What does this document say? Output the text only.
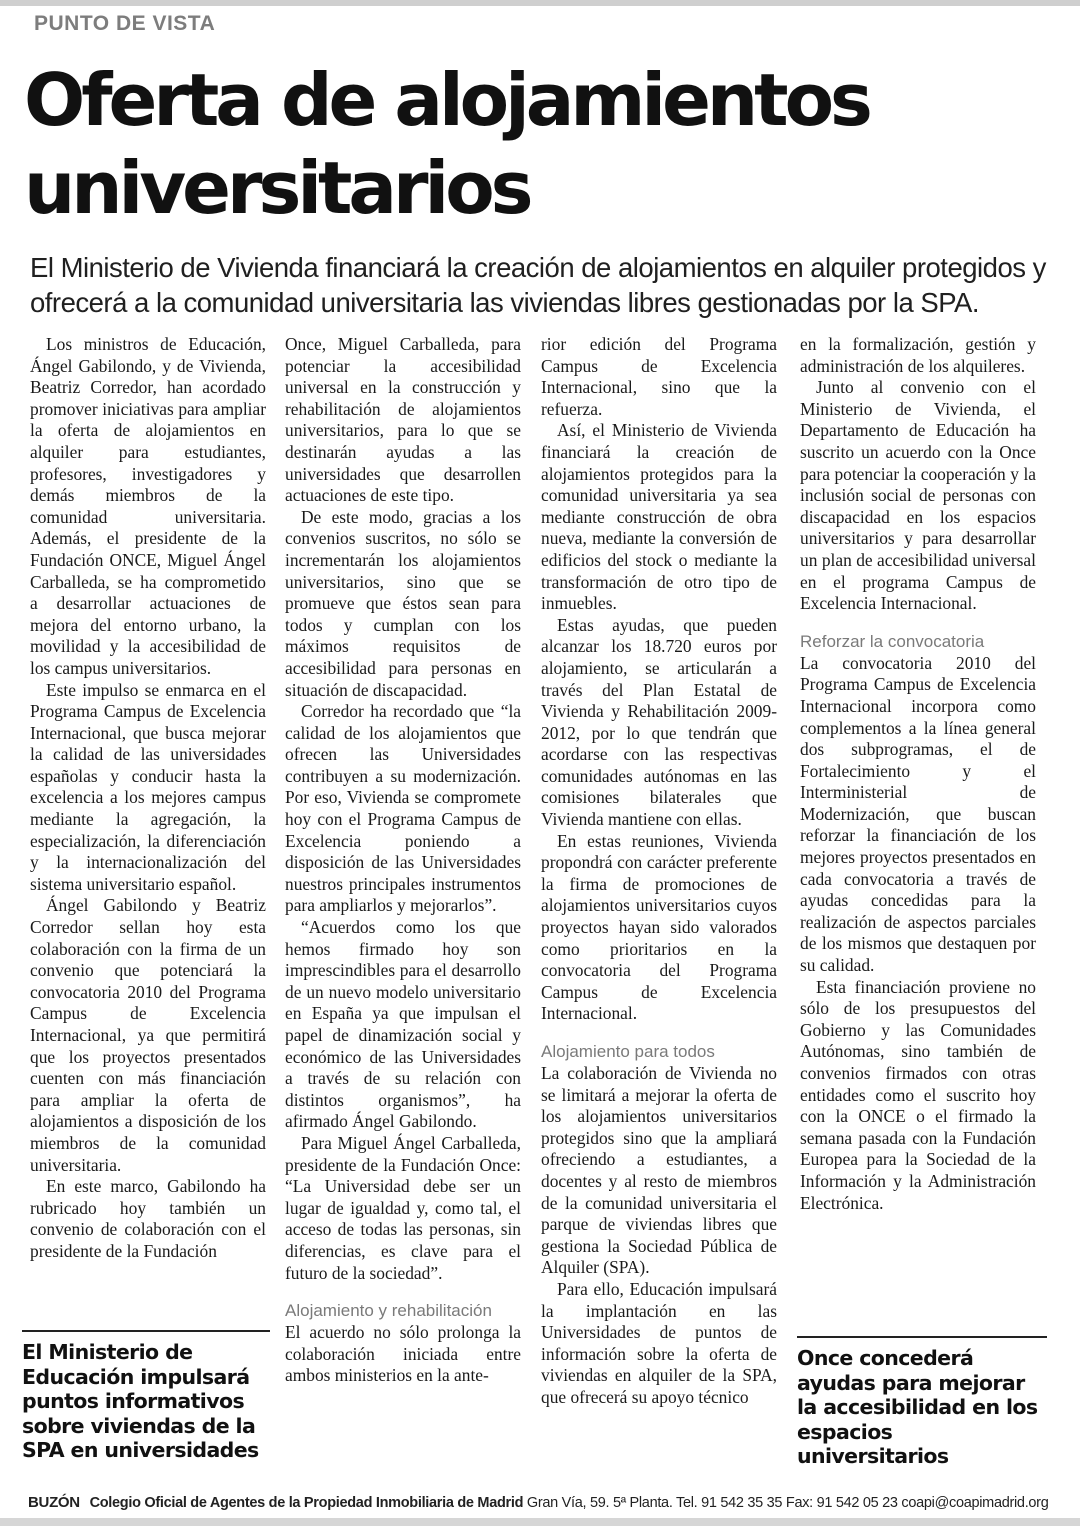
PUNTO DE VISTA
Oferta de alojamientos universitarios

El Ministerio de Vivienda financiará la creación de alojamientos en alquiler protegidos y ofrecerá a la comunidad universitaria las viviendas libres gestionadas por la SPA.

Los ministros de Educación, Ángel Gabilondo, y de Vivienda, Beatriz Corredor, han acordado promover iniciativas para ampliar la oferta de alojamientos en alquiler para estudiantes, profesores, investigadores y demás miembros de la comunidad universitaria. Además, el presidente de la Fundación ONCE, Miguel Ángel Carballeda, se ha comprometido a desarrollar actuaciones de mejora del entorno urbano, la movilidad y la accesibilidad de los campus universitarios.

Este impulso se enmarca en el Programa Campus de Excelencia Internacional, que busca mejorar la calidad de las universidades españolas y conducir hasta la excelencia a los mejores campus mediante la agregación, la especialización, la diferenciación y la internacionalización del sistema universitario español.

Ángel Gabilondo y Beatriz Corredor sellan hoy esta colaboración con la firma de un convenio que potenciará la convocatoria 2010 del Programa Campus de Excelencia Internacional, ya que permitirá que los proyectos presentados cuenten con más financiación para ampliar la oferta de alojamientos a disposición de los miembros de la comunidad universitaria.

En este marco, Gabilondo ha rubricado hoy también un convenio de colaboración con el presidente de la Fundación

Once, Miguel Carballeda, para potenciar la accesibilidad universal en la construcción y rehabilitación de alojamientos universitarios, para lo que se destinarán ayudas a las universidades que desarrollen actuaciones de este tipo.

De este modo, gracias a los convenios suscritos, no sólo se incrementarán los alojamientos universitarios, sino que se promueve que éstos sean para todos y cumplan con los máximos requisitos de accesibilidad para personas en situación de discapacidad.

Corredor ha recordado que “la calidad de los alojamientos que ofrecen las Universidades contribuyen a su modernización. Por eso, Vivienda se compromete hoy con el Programa Campus de Excelencia poniendo a disposición de las Universidades nuestros principales instrumentos para ampliarlos y mejorarlos”.

“Acuerdos como los que hemos firmado hoy son imprescindibles para el desarrollo de un nuevo modelo universitario en España ya que impulsan el papel de dinamización social y económico de las Universidades a través de su relación con distintos organismos”, ha afirmado Ángel Gabilondo.

Para Miguel Ángel Carballeda, presidente de la Fundación Once: “La Universidad debe ser un lugar de igualdad y, como tal, el acceso de todas las personas, sin diferencias, es clave para el futuro de la sociedad”.

Alojamiento y rehabilitación

El acuerdo no sólo prolonga la colaboración iniciada entre ambos ministerios en la ante-

rior edición del Programa Campus de Excelencia Internacional, sino que la refuerza.

Así, el Ministerio de Vivienda financiará la creación de alojamientos protegidos para la comunidad universitaria ya sea mediante construcción de obra nueva, mediante la conversión de edificios del stock o mediante la transformación de otro tipo de inmuebles.

Estas ayudas, que pueden alcanzar los 18.720 euros por alojamiento, se articularán a través del Plan Estatal de Vivienda y Rehabilitación 2009-2012, por lo que tendrán que acordarse con las respectivas comunidades autónomas en las comisiones bilaterales que Vivienda mantiene con ellas.

En estas reuniones, Vivienda propondrá con carácter preferente la firma de promociones de alojamientos universitarios cuyos proyectos hayan sido valorados como prioritarios en la convocatoria del Programa Campus de Excelencia Internacional.

Alojamiento para todos

La colaboración de Vivienda no se limitará a mejorar la oferta de los alojamientos universitarios protegidos sino que la ampliará ofreciendo a estudiantes, a docentes y al resto de miembros de la comunidad universitaria el parque de viviendas libres que gestiona la Sociedad Pública de Alquiler (SPA).

Para ello, Educación impulsará la implantación en las Universidades de puntos de información sobre la oferta de viviendas en alquiler de la SPA, que ofrecerá su apoyo técnico

en la formalización, gestión y administración de los alquileres.

Junto al convenio con el Ministerio de Vivienda, el Departamento de Educación ha suscrito un acuerdo con la Once para potenciar la cooperación y la inclusión social de personas con discapacidad en los espacios universitarios y para desarrollar un plan de accesibilidad universal en el programa Campus de Excelencia Internacional.

Reforzar la convocatoria

La convocatoria 2010 del Programa Campus de Excelencia Internacional incorpora como complementos a la línea general dos subprogramas, el de Fortalecimiento y el Interministerial de Modernización, que buscan reforzar la financiación de los mejores proyectos presentados en cada convocatoria a través de ayudas concedidas para la realización de aspectos parciales de los mismos que destaquen por su calidad.

Esta financiación proviene no sólo de los presupuestos del Gobierno y las Comunidades Autónomas, sino también de convenios firmados con otras entidades como el suscrito hoy con la ONCE o el firmado la semana pasada con la Fundación Europea para la Sociedad de la Información y la Administración Electrónica.

El Ministerio de Educación impulsará puntos informativos sobre viviendas de la SPA en universidades

Once concederá ayudas para mejorar la accesibilidad en los espacios universitarios

BUZÓN Colegio Oficial de Agentes de la Propiedad Inmobiliaria de Madrid Gran Vía, 59. 5ª Planta. Tel. 91 542 35 35 Fax: 91 542 05 23 coapi@coapimadrid.org
